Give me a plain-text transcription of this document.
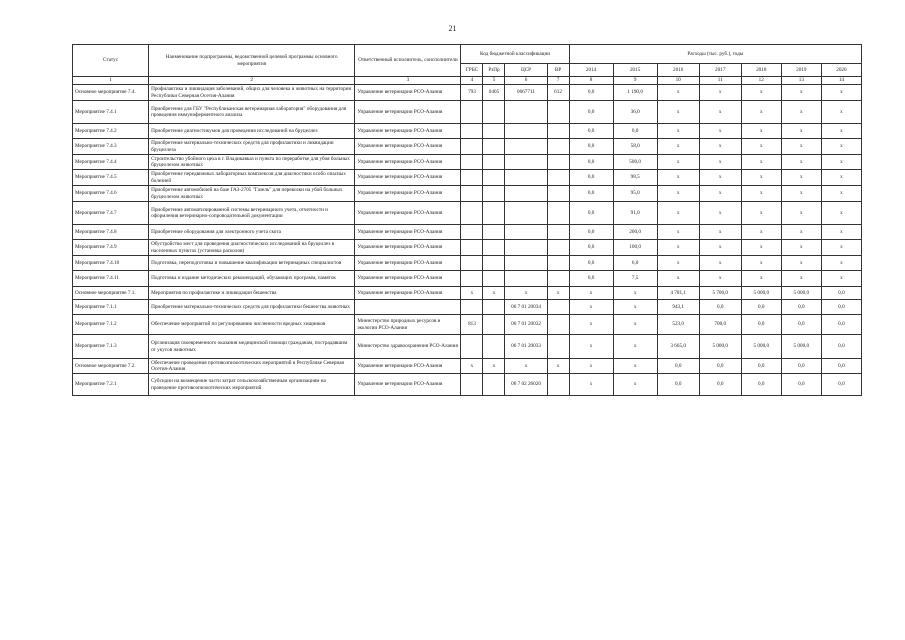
21
Статус	Наименование подпрограммы, ведомственной целевой программы основного мероприятия	Ответственный исполнитель, соисполнители	Код бюджетной классификации				Расходы (тыс. руб.), годы						
			ГРБС	РзПр	ЦСР	ВР	2014	2015	2016	2017	2018	2019	2020
1	2	3	4	5	6	7	8	9	10	11	12	13	14
Основное мероприятие 7.4.	Профилактика и ликвидация заболеваний, общих для человека и животных на территории Республики Северная Осетия-Алания	Управление ветеринарии РСО-Алания	793	0405	0667711	612	0,0	1 190,0	х	х	х	х	х
Мероприятие 7.4.1	Приобретение для ГБУ "Республиканская ветеринарная лаборатория" оборудования для проведения иммуноферментного анализа	Управление ветеринарии РСО-Алания					0,0	36,0	х	х	х	х	х
Мероприятие 7.4.2	Приобретение диагностикумов для проведения исследований на бруцеллез	Управление ветеринарии РСО-Алания					0,0	0,0	х	х	х	х	х
Мероприятие 7.4.3	Приобретение материально-технических средств для профилактики и ликвидации бруцеллеза	Управление ветеринарии РСО-Алания					0,0	58,0	х	х	х	х	х
Мероприятие 7.4.4	Строительство убойного цеха в г. Владикавказ и пункта по переработке для убоя больных бруцеллезом животных	Управление ветеринарии РСО-Алания					0,0	500,0	х	х	х	х	х
Мероприятие 7.4.5	Приобретение передвижных лабораторных комплексов для диагностики особо опасных болезней	Управление ветеринарии РСО-Алания					0,0	98,5	х	х	х	х	х
Мероприятие 7.4.6	Приобретение автомобилей на базе ГАЗ-2705 "Газель" для перевозки на убой больных бруцеллезом животных	Управление ветеринарии РСО-Алания					0,0	95,0	х	х	х	х	х
Мероприятие 7.4.7	Приобретение автоматизированной системы ветеринарного учета, отчетности и оформления ветеринарно-сопроводительной документации	Управление ветеринарии РСО-Алания					0,0	91,0	х	х	х	х	х
Мероприятие 7.4.8	Приобретение оборудования для электронного учета скота	Управление ветеринарии РСО-Алания					0,0	200,0	х	х	х	х	х
Мероприятие 7.4.9	Обустройство мест для проведения диагностических исследований на бруцеллез в населенных пунктах (установка расколов)	Управление ветеринарии РСО-Алания					0,0	100,0	х	х	х	х	х
Мероприятие 7.4.10	Подготовка, переподготовка и повышение квалификации ветеринарных специалистов	Управление ветеринарии РСО-Алания					0,0	6,0	х	х	х	х	х
Мероприятие 7.4.11	Подготовка и издание методических рекомендаций, обучающих программ, памяток	Управление ветеринарии РСО-Алания					0,0	7,5	х	х	х	х	х
Основное мероприятие 7.1.	Мероприятия по профилактике и ликвидации бешенства	Управление ветеринарии РСО-Алания	х	х	х	х	х	х	4 781,1	5 700,0	5 000,0	5 000,0	0,0
Мероприятие 7.1.1	Приобретение материально-технических средств для профилактики бешенства животных				06 7 01 20034		х	х	943,1	0,0	0,0	0,0	0,0
Мероприятие 7.1.2	Обеспечение мероприятий по регулированию численности вредных хищников	Министерство природных ресурсов и экологии РСО-Алания	813		06 7 01 20032		х	х	523,0	700,0	0,0	0,0	0,0
Мероприятие 7.1.3	Организация своевременного оказания медицинской помощи гражданам, пострадавшим от укусов животных	Министерство здравоохранения РСО-Алания			06 7 01 20033		х	х	3 665,0	5 000,0	5 000,0	5 000,0	0,0
Основное мероприятие 7.2.	Обеспечение проведения противоэпизоотических мероприятий в Республике Северная Осетия-Алания	Управление ветеринарии РСО-Алания	х	х	х	х	х	х	0,0	0,0	0,0	0,0	0,0
Мероприятие 7.2.1	Субсидии на возмещение части затрат сельскохозяйственным организациям на проведение противоэпизоотических мероприятий	Управление ветеринарии РСО-Алания			06 7 02 26020		х	х	0,0	0,0	0,0	0,0	0,0
